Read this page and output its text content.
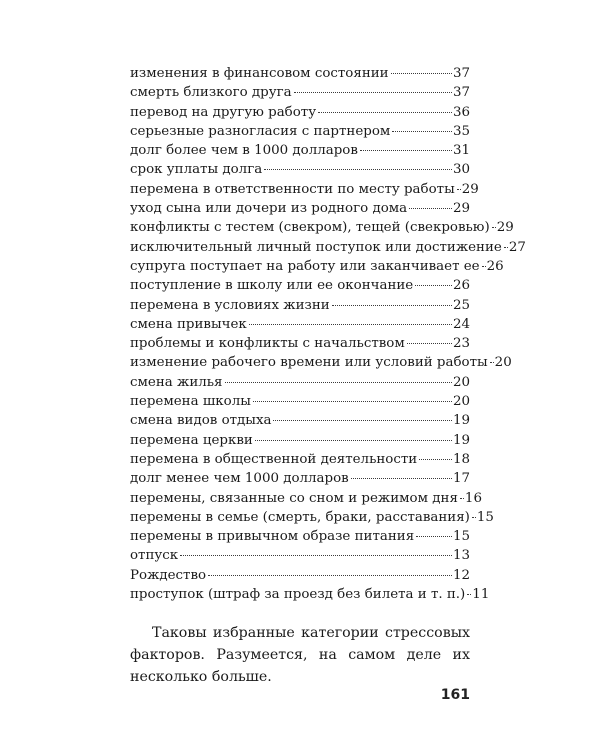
изменения в финансовом состоянии	37
смерть близкого друга	37
перевод на другую работу	36
серьезные разногласия с партнером	35
долг более чем в 1000 долларов	31
срок уплаты долга	30
перемена в ответственности по месту работы 29
уход сына или дочери из родного дома	29
конфликты с тестем (свекром), тещей (свекровью) 29
исключительный личный поступок или достижение 27
супруга поступает на работу или заканчивает ее 26
поступление в школу или ее окончание	26
перемена в условиях жизни	25
смена привычек	24
проблемы и конфликты с начальством	23
изменение рабочего времени или условий работы 20
смена жилья	20
перемена школы	20
смена видов отдыха	19
перемена церкви	19
перемена в общественной деятельности	18
долг менее чем 1000 долларов	17
перемены, связанные со сном и режимом дня 16
перемены в семье (смерть, браки, расставания) 15
перемены в привычном образе питания	15
отпуск	13
Рождество	12
проступок (штраф за проезд без билета и т. п.) 11

Таковы избранные категории стрессовых факторов. Разумеется, на самом деле их несколько больше.

161
